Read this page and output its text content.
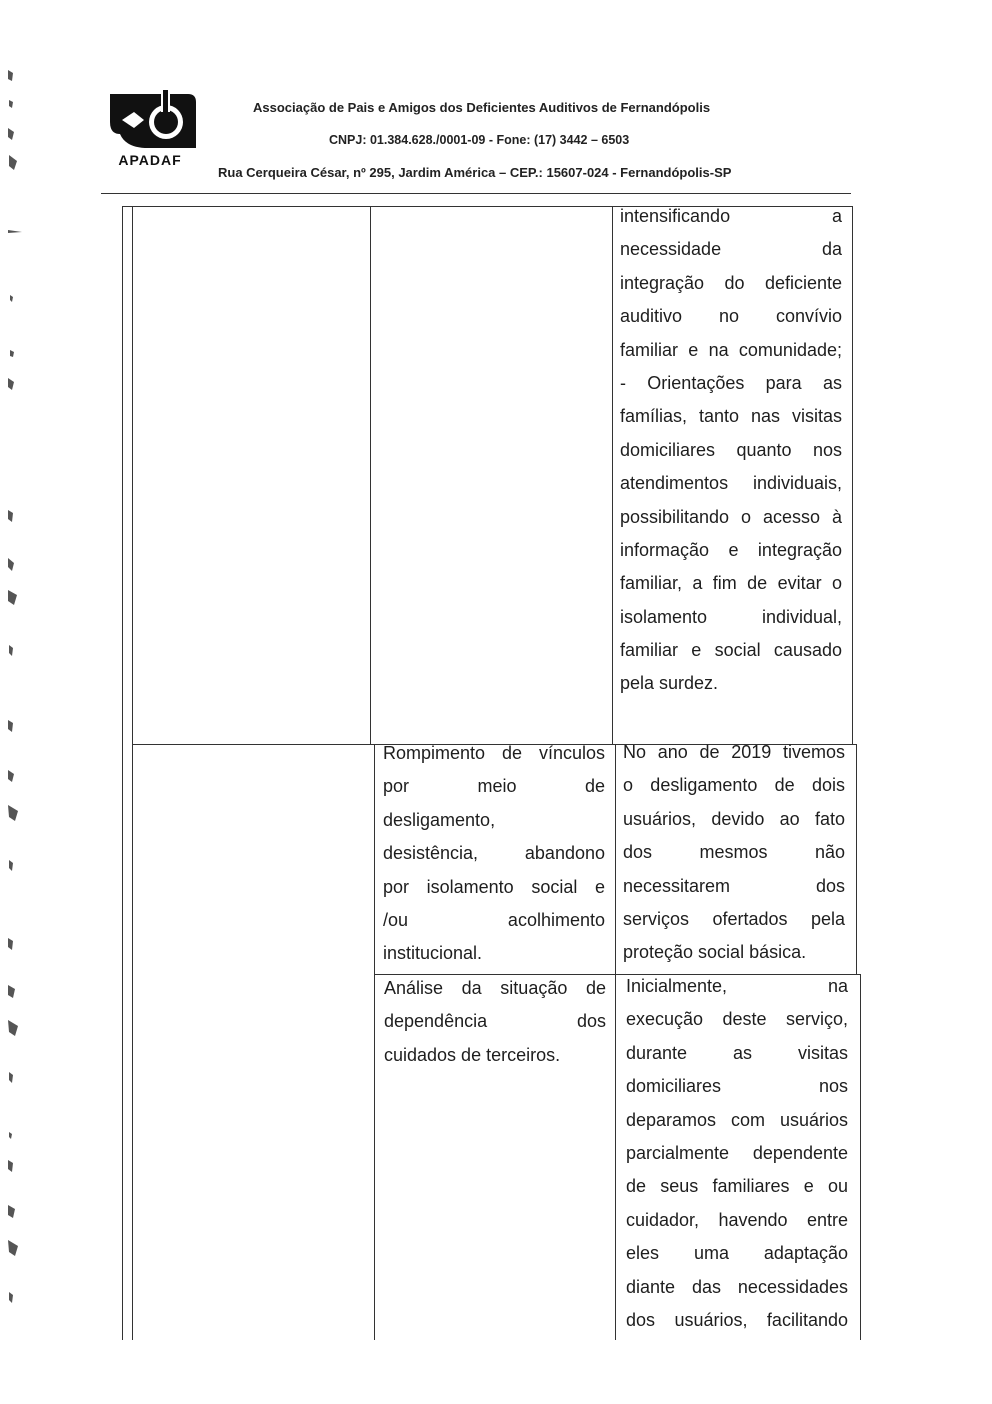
APADAF
Associação de Pais e Amigos dos Deficientes Auditivos de Fernandópolis
CNPJ: 01.384.628./0001-09 - Fone: (17) 3442 – 6503
Rua Cerqueira César, nº 295, Jardim América – CEP.: 15607-024 - Fernandópolis-SP
intensificando a
necessidade da
integração do deficiente
auditivo no convívio
familiar e na comunidade;
- Orientações para as
famílias, tanto nas visitas
domiciliares quanto nos
atendimentos individuais,
possibilitando o acesso à
informação e integração
familiar, a fim de evitar o
isolamento individual,
familiar e social causado
pela surdez.
Rompimento de vínculos
por meio de
desligamento,
desistência, abandono
por isolamento social e
/ou acolhimento
institucional.
No ano de 2019 tivemos
o desligamento de dois
usuários, devido ao fato
dos mesmos não
necessitarem dos
serviços ofertados pela
proteção social básica.
Análise da situação de
dependência dos
cuidados de terceiros.
Inicialmente, na
execução deste serviço,
durante as visitas
domiciliares nos
deparamos com usuários
parcialmente dependente
de seus familiares e ou
cuidador, havendo entre
eles uma adaptação
diante das necessidades
dos usuários, facilitando
